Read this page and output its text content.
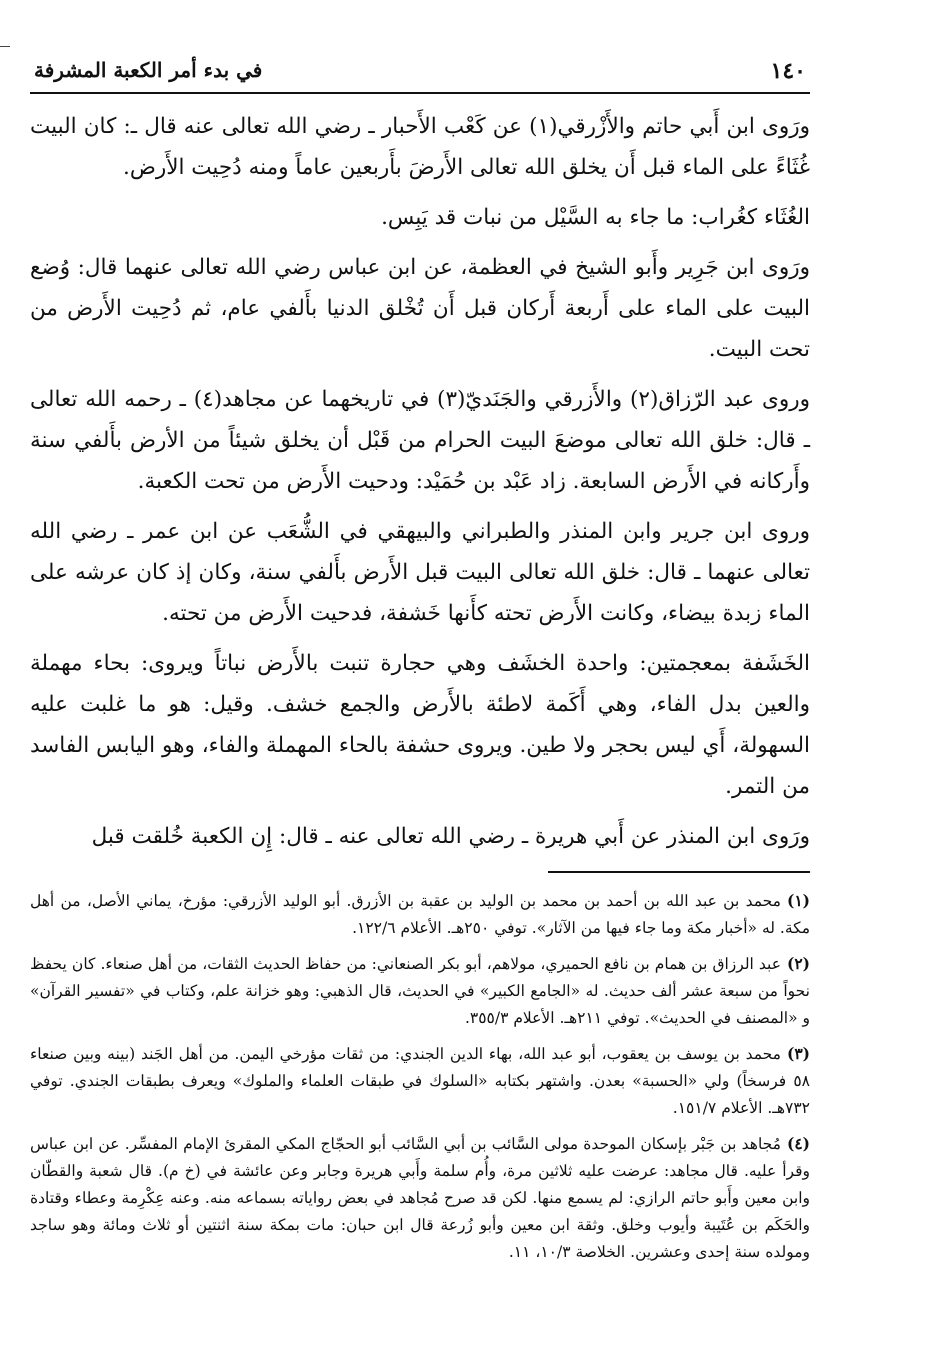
١٤٠
في بدء أمر الكعبة المشرفة

ورَوى ابن أَبي حاتم والأَزْرقي(١) عن كَعْب الأَحبار ـ رضي الله تعالى عنه قال ـ: كان البيت غُثَاءً على الماء قبل أَن يخلق الله تعالى الأَرضَ بأَربعين عاماً ومنه دُحِيت الأَرض.

الغُثَاء كغُراب: ما جاء به السَّيْل من نبات قد يَبِس.

ورَوى ابن جَرِير وأَبو الشيخ في العظمة، عن ابن عباس رضي الله تعالى عنهما قال: وُضع البيت على الماء على أَربعة أَركان قبل أَن تُخْلق الدنيا بأَلفي عام، ثم دُحِيت الأَرض من تحت البيت.

وروى عبد الرّزاق(٢) والأَزرقي والجَنَديّ(٣) في تاريخهما عن مجاهد(٤) ـ رحمه الله تعالى ـ قال: خلق الله تعالى موضعَ البيت الحرام من قَبْل أن يخلق شيئاً من الأرض بأَلفي سنة وأَركانه في الأَرض السابعة. زاد عَبْد بن حُمَيْد: ودحيت الأَرض من تحت الكعبة.

وروى ابن جرير وابن المنذر والطبراني والبيهقي في الشُّعَب عن ابن عمر ـ رضي الله تعالى عنهما ـ قال: خلق الله تعالى البيت قبل الأَرض بأَلفي سنة، وكان إذ كان عرشه على الماء زبدة بيضاء، وكانت الأَرض تحته كأَنها خَشفة، فدحيت الأَرض من تحته.

الخَشَفة بمعجمتين: واحدة الخشَف وهي حجارة تنبت بالأَرض نباتاً ويروى: بحاء مهملة والعين بدل الفاء، وهي أَكَمة لاطئة بالأَرض والجمع خشف. وقيل: هو ما غلبت عليه السهولة، أَي ليس بحجر ولا طين. ويروى حشفة بالحاء المهملة والفاء، وهو اليابس الفاسد من التمر.

ورَوى ابن المنذر عن أَبي هريرة ـ رضي الله تعالى عنه ـ قال: إِن الكعبة خُلقت قبل

(١)محمد بن عبد الله بن أحمد بن محمد بن الوليد بن عقبة بن الأزرق. أبو الوليد الأزرقي: مؤرخ، يماني الأصل، من أهل مكة. له «أخبار مكة وما جاء فيها من الآثار». توفي ٢٥٠هـ. الأعلام ١٢٢/٦.

(٢)عبد الرزاق بن همام بن نافع الحميري، مولاهم، أبو بكر الصنعاني: من حفاظ الحديث الثقات، من أهل صنعاء. كان يحفظ نحواً من سبعة عشر ألف حديث. له «الجامع الكبير» في الحديث، قال الذهبي: وهو خزانة علم، وكتاب في «تفسير القرآن» و «المصنف في الحديث». توفي ٢١١هـ. الأعلام ٣٥٥/٣.

(٣)محمد بن يوسف بن يعقوب، أبو عبد الله، بهاء الدين الجندي: من ثقات مؤرخي اليمن. من أهل الجَند (بينه وبين صنعاء ٥٨ فرسخاً) ولي «الحسبة» بعدن. واشتهر بكتابه «السلوك في طبقات العلماء والملوك» ويعرف بطبقات الجندي. توفي ٧٣٢هـ. الأعلام ١٥١/٧.

(٤)مُجاهد بن جَبْر بإسكان الموحدة مولى السَّائب بن أبي السَّائب أبو الحجّاج المكي المقرئ الإمام المفسِّر. عن ابن عباس وقرأ عليه. قال مجاهد: عرضت عليه ثلاثين مرة، وأُم سلمة وأَبي هريرة وجابر وعن عائشة في (خ م). قال شعبة والقطّان وابن معين وأَبو حاتم الرازي: لم يسمع منها. لكن قد صرح مُجاهد في بعض رواياته بسماعه منه. وعنه عِكْرِمة وعطاء وقتادة والحَكَم بن عُتَيبة وأيوب وخلق. وثقة ابن معين وأبو زُرعة قال ابن حبان: مات بمكة سنة اثنتين أو ثلاث ومائة وهو ساجد ومولده سنة إحدى وعشرين. الخلاصة ١٠/٣، ١١.
